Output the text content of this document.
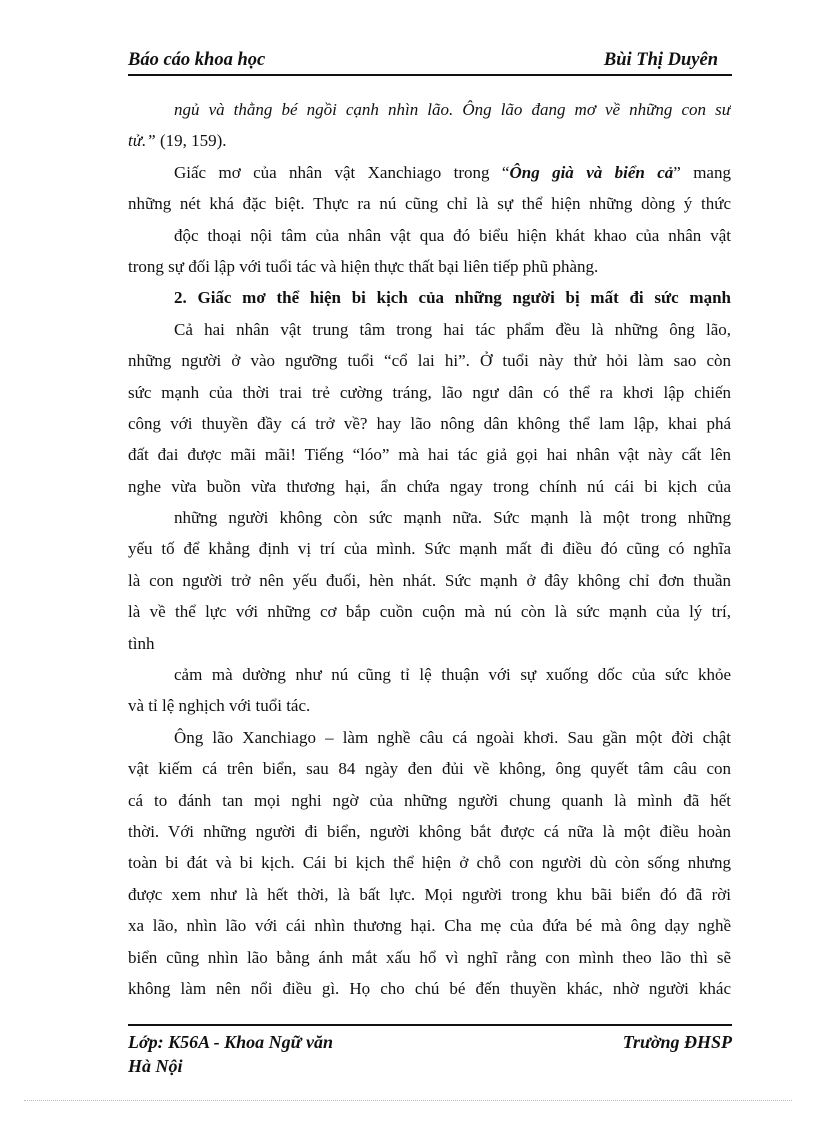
Báo cáo khoa học	Bùi Thị Duyên
ngủ và thằng bé ngồi cạnh nhìn lão. Ông lão đang mơ về những con sư
tử.” (19, 159).
Giấc mơ của nhân vật Xanchiago trong “Ông già và biển cả” mang
những nét khá đặc biệt. Thực ra nú cũng chỉ là sự thể hiện những dòng ý thức
độc thoại nội tâm của nhân vật qua đó biểu hiện khát khao của nhân vật
trong sự đối lập với tuổi tác và hiện thực thất bại liên tiếp phũ phàng.
2. Giấc mơ thể hiện bi kịch của những người bị mất đi sức mạnh
Cả hai nhân vật trung tâm trong hai tác phẩm đều là những ông lão,
những người ở vào ngưỡng tuổi “cổ lai hi”. Ở tuổi này thử hỏi làm sao còn
sức mạnh của thời trai trẻ cường tráng, lão ngư dân có thể ra khơi lập chiến
công với thuyền đầy cá trở về? hay lão nông dân không thể lam lập, khai phá
đất đai được mãi mãi! Tiếng “lóo” mà hai tác giả gọi hai nhân vật này cất lên
nghe vừa buồn vừa thương hại, ẩn chứa ngay trong chính nú cái bi kịch của
những người không còn sức mạnh nữa. Sức mạnh là một trong những
yếu tố để khẳng định vị trí của mình. Sức mạnh mất đi điều đó cũng có nghĩa
là con người trở nên yếu đuối, hèn nhát. Sức mạnh ở đây không chỉ đơn thuần
là về thể lực với những cơ bắp cuồn cuộn mà nú còn là sức mạnh của lý trí,
tình
cảm mà dường như nú cũng tỉ lệ thuận với sự xuống dốc của sức khỏe
và tỉ lệ nghịch với tuổi tác.
Ông lão Xanchiago – làm nghề câu cá ngoài khơi. Sau gần một đời chật
vật kiếm cá trên biển, sau 84 ngày đen đủi về không, ông quyết tâm câu con
cá to đánh tan mọi nghi ngờ của những người chung quanh là mình đã hết
thời. Với những người đi biển, người không bắt được cá nữa là một điều hoàn
toàn bi đát và bi kịch. Cái bi kịch thể hiện ở chỗ con người dù còn sống nhưng
được xem như là hết thời, là bất lực. Mọi người trong khu bãi biển đó đã rời
xa lão, nhìn lão với cái nhìn thương hại. Cha mẹ của đứa bé mà ông dạy nghề
biển cũng nhìn lão bằng ánh mắt xấu hổ vì nghĩ rằng con mình theo lão thì sẽ
không làm nên nổi điều gì. Họ cho chú bé đến thuyền khác, nhờ người khác
Lớp: K56A - Khoa Ngữ văn	Trường ĐHSP
Hà Nội
